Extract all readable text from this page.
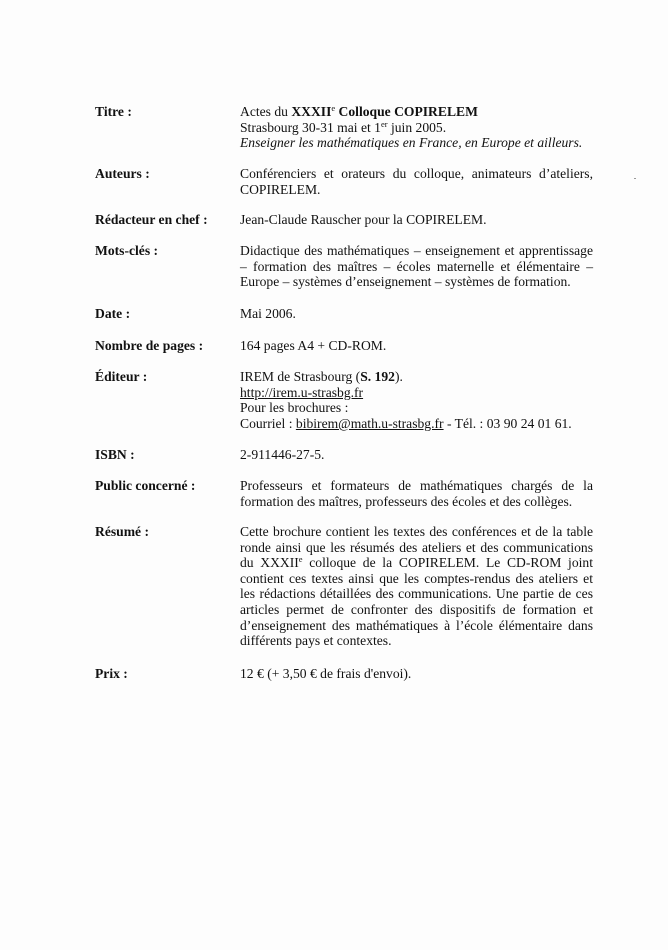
Titre :	Actes du XXXIIe Colloque COPIRELEM
Strasbourg 30-31 mai et 1er juin 2005.
Enseigner les mathématiques en France, en Europe et ailleurs.
Auteurs :	Conférenciers et orateurs du colloque, animateurs d’ateliers,
COPIRELEM.
Rédacteur en chef :	Jean-Claude Rauscher pour la COPIRELEM.
Mots-clés :	Didactique des mathématiques – enseignement et apprentissage
– formation des maîtres – écoles maternelle et élémentaire –
Europe – systèmes d’enseignement – systèmes de formation.
Date :	Mai 2006.
Nombre de pages :	164 pages A4 + CD-ROM.
Éditeur :	IREM de Strasbourg (S. 192).
http://irem.u-strasbg.fr
Pour les brochures :
Courriel : bibirem@math.u-strasbg.fr - Tél. : 03 90 24 01 61.
ISBN :	2-911446-27-5.
Public concerné :	Professeurs et formateurs de mathématiques chargés de la
formation des maîtres, professeurs des écoles et des collèges.
Résumé :	Cette brochure contient les textes des conférences et de la table
ronde ainsi que les résumés des ateliers et des communications
du XXXIIe colloque de la COPIRELEM. Le CD-ROM joint
contient ces textes ainsi que les comptes-rendus des ateliers et
les rédactions détaillées des communications. Une partie de ces
articles permet de confronter des dispositifs de formation et
d’enseignement des mathématiques à l’école élémentaire dans
différents pays et contextes.
Prix :	12 € (+ 3,50 € de frais d'envoi).
